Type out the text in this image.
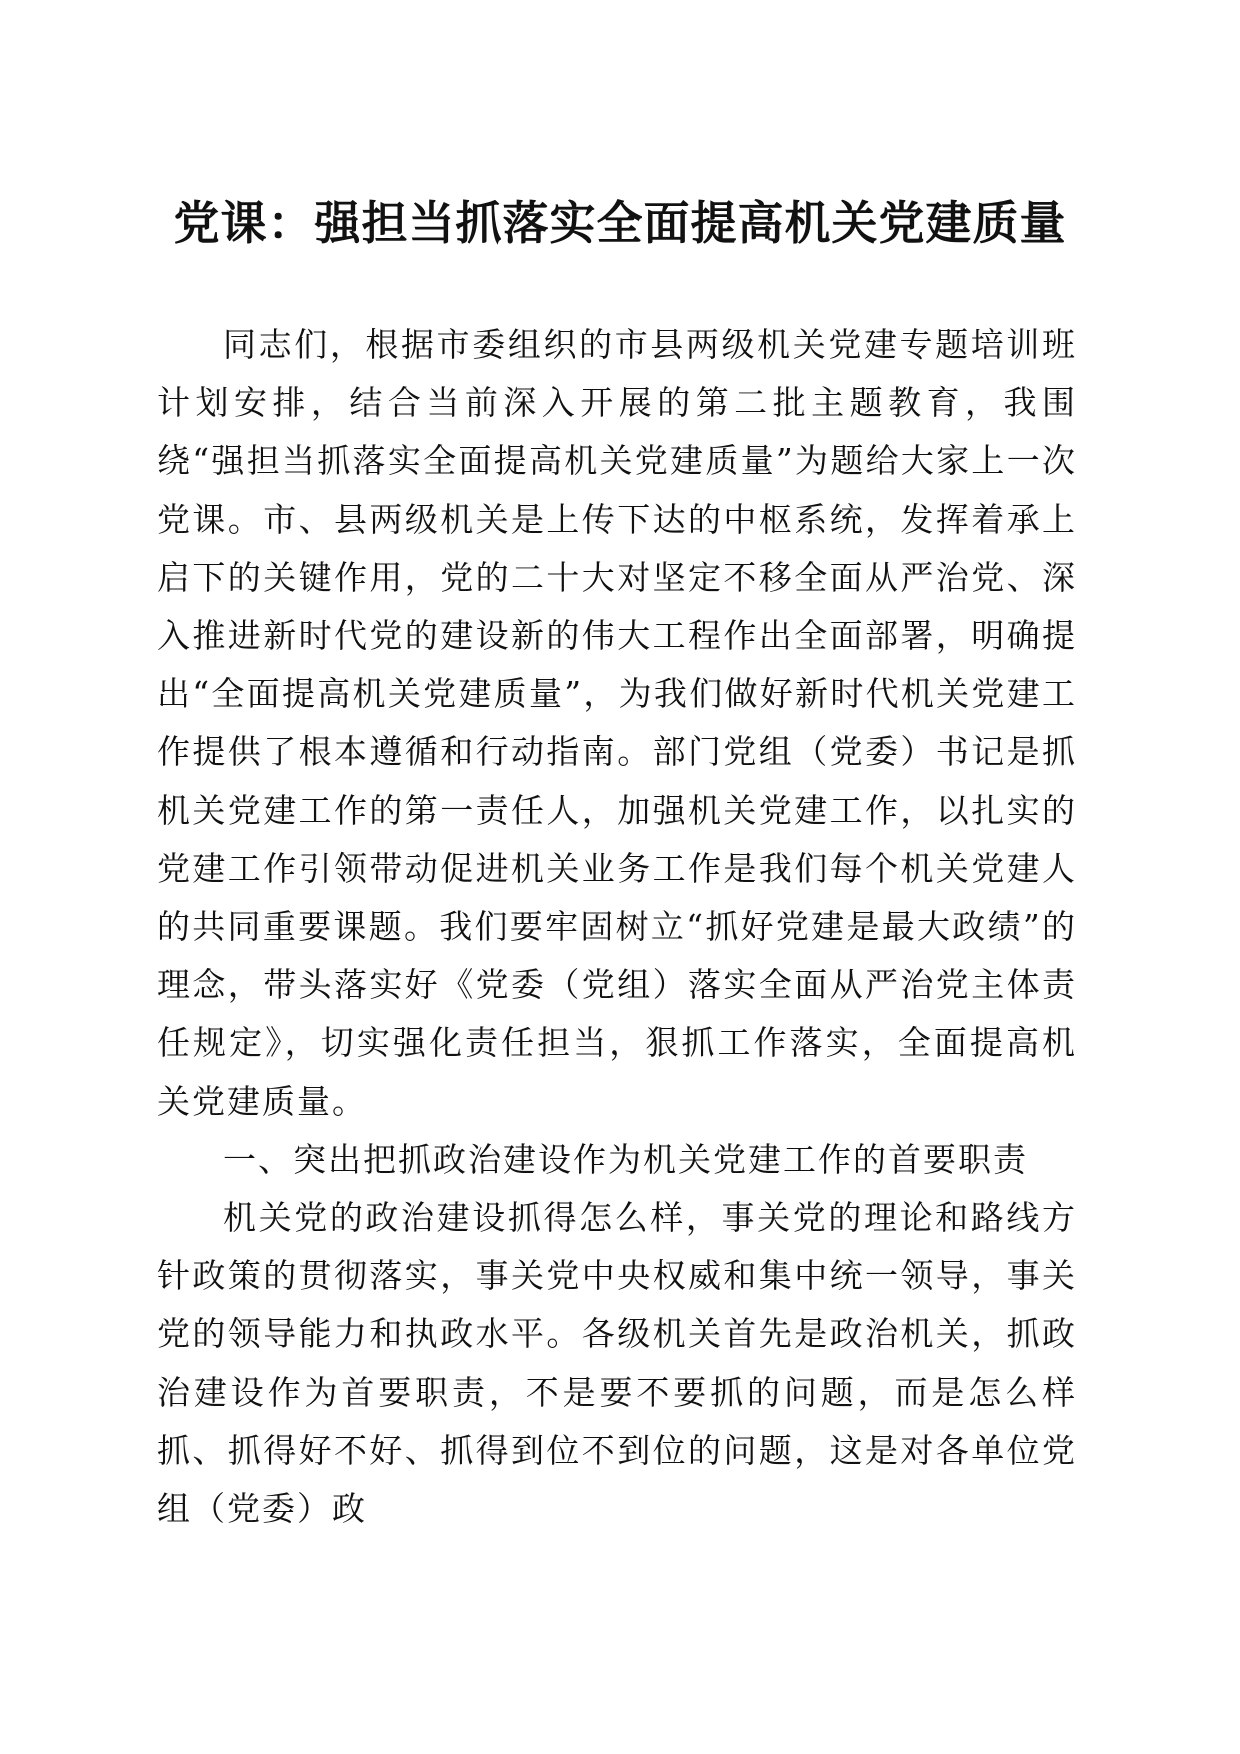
党课：强担当抓落实全面提高机关党建质量

同志们，根据市委组织的市县两级机关党建专题培训班计划安排，结合当前深入开展的第二批主题教育，我围绕“强担当抓落实全面提高机关党建质量”为题给大家上一次党课。市、县两级机关是上传下达的中枢系统，发挥着承上启下的关键作用，党的二十大对坚定不移全面从严治党、深入推进新时代党的建设新的伟大工程作出全面部署，明确提出“全面提高机关党建质量”，为我们做好新时代机关党建工作提供了根本遵循和行动指南。部门党组（党委）书记是抓机关党建工作的第一责任人，加强机关党建工作，以扎实的党建工作引领带动促进机关业务工作是我们每个机关党建人的共同重要课题。我们要牢固树立“抓好党建是最大政绩”的理念，带头落实好《党委（党组）落实全面从严治党主体责任规定》，切实强化责任担当，狠抓工作落实，全面提高机关党建质量。

一、突出把抓政治建设作为机关党建工作的首要职责

机关党的政治建设抓得怎么样，事关党的理论和路线方针政策的贯彻落实，事关党中央权威和集中统一领导，事关党的领导能力和执政水平。各级机关首先是政治机关，抓政治建设作为首要职责，不是要不要抓的问题，而是怎么样抓、抓得好不好、抓得到位不到位的问题，这是对各单位党组（党委）政
